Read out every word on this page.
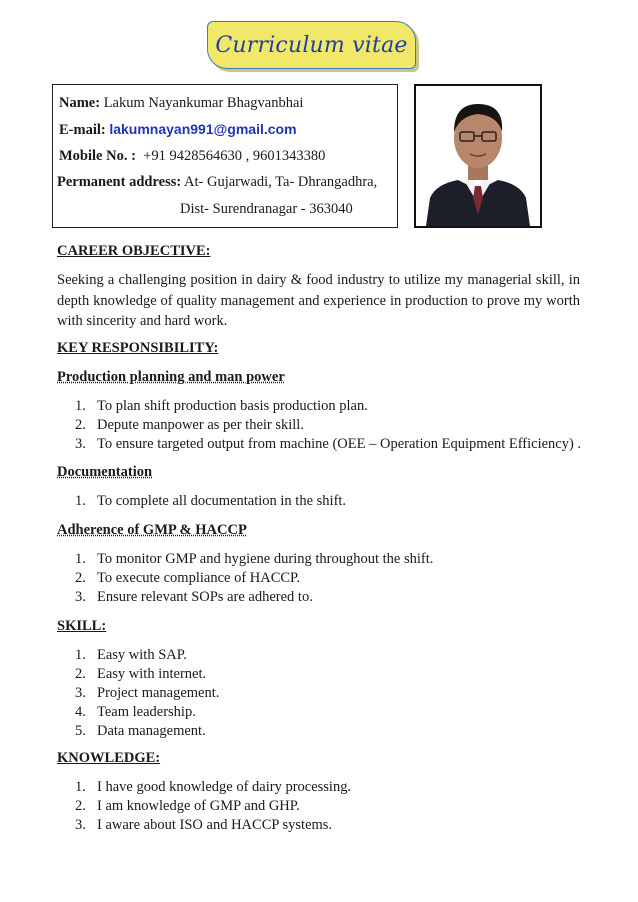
Curriculum vitae
Name: Lakum Nayankumar Bhagvanbhai
E-mail: lakumnayan991@gmail.com
Mobile No. : +91 9428564630 , 9601343380
Permanent address: At- Gujarwadi, Ta- Dhrangadhra,
Dist- Surendranagar - 363040
CAREER OBJECTIVE:
Seeking a challenging position in dairy & food industry to utilize my managerial skill, in depth knowledge of quality management and experience in production to prove my worth with sincerity and hard work.
KEY RESPONSIBILITY:
Production planning and man power
1. To plan shift production basis production plan.
2. Depute manpower as per their skill.
3. To ensure targeted output from machine (OEE – Operation Equipment Efficiency) .
Documentation
1. To complete all documentation in the shift.
Adherence of GMP & HACCP
1. To monitor GMP and hygiene during throughout the shift.
2. To execute compliance of HACCP.
3. Ensure relevant SOPs are adhered to.
SKILL:
1. Easy with SAP.
2. Easy with internet.
3. Project management.
4. Team leadership.
5. Data management.
KNOWLEDGE:
1. I have good knowledge of dairy processing.
2. I am knowledge of GMP and GHP.
3. I aware about ISO and HACCP systems.
